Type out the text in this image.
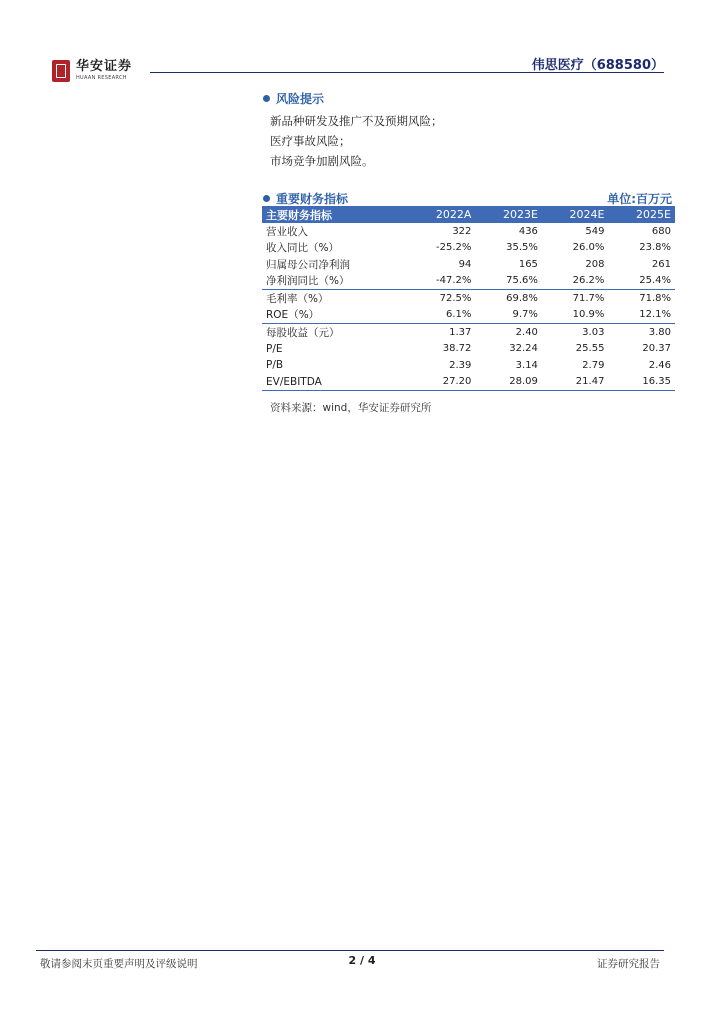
华安证券
HUAAN RESEARCH
伟思医疗（688580）
风险提示
新品种研发及推广不及预期风险；
医疗事故风险；
市场竞争加剧风险。
重要财务指标	单位:百万元
主要财务指标	2022A	2023E	2024E	2025E
营业收入	322	436	549	680
收入同比（%）	-25.2%	35.5%	26.0%	23.8%
归属母公司净利润	94	165	208	261
净利润同比（%）	-47.2%	75.6%	26.2%	25.4%
毛利率（%）	72.5%	69.8%	71.7%	71.8%
ROE（%）	6.1%	9.7%	10.9%	12.1%
每股收益（元）	1.37	2.40	3.03	3.80
P/E	38.72	32.24	25.55	20.37
P/B	2.39	3.14	2.79	2.46
EV/EBITDA	27.20	28.09	21.47	16.35
资料来源：wind，华安证券研究所
敬请参阅末页重要声明及评级说明	2 / 4	证券研究报告
